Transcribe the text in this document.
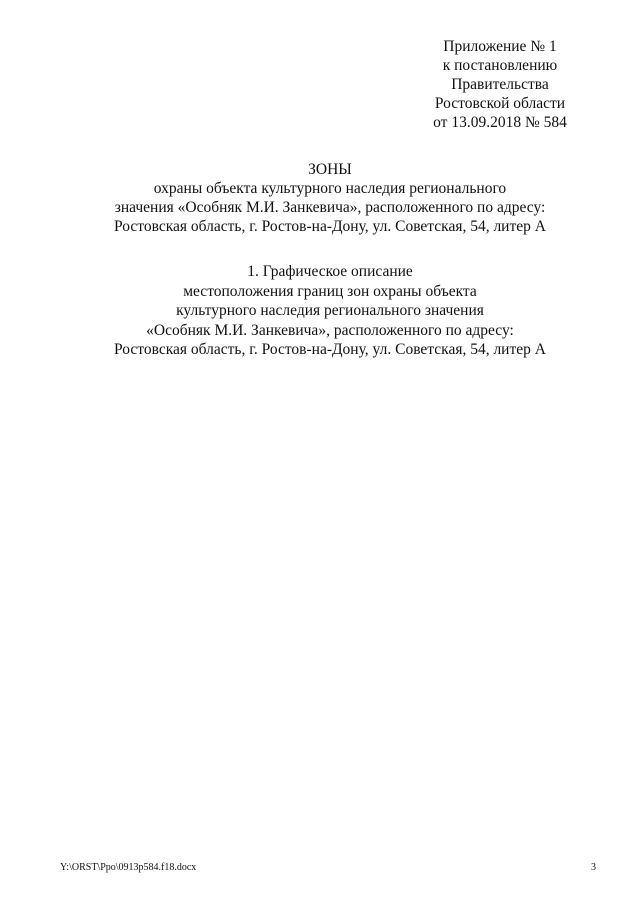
Приложение № 1
к постановлению
Правительства
Ростовской области
от 13.09.2018 № 584
ЗОНЫ
охраны объекта культурного наследия регионального
значения «Особняк М.И. Занкевича», расположенного по адресу:
Ростовская область, г. Ростов-на-Дону, ул. Советская, 54, литер А
1. Графическое описание
местоположения границ зон охраны объекта
культурного наследия регионального значения
«Особняк М.И. Занкевича», расположенного по адресу:
Ростовская область, г. Ростов-на-Дону, ул. Советская, 54, литер А
Y:\ORST\Ppo\0913p584.f18.docx	3
